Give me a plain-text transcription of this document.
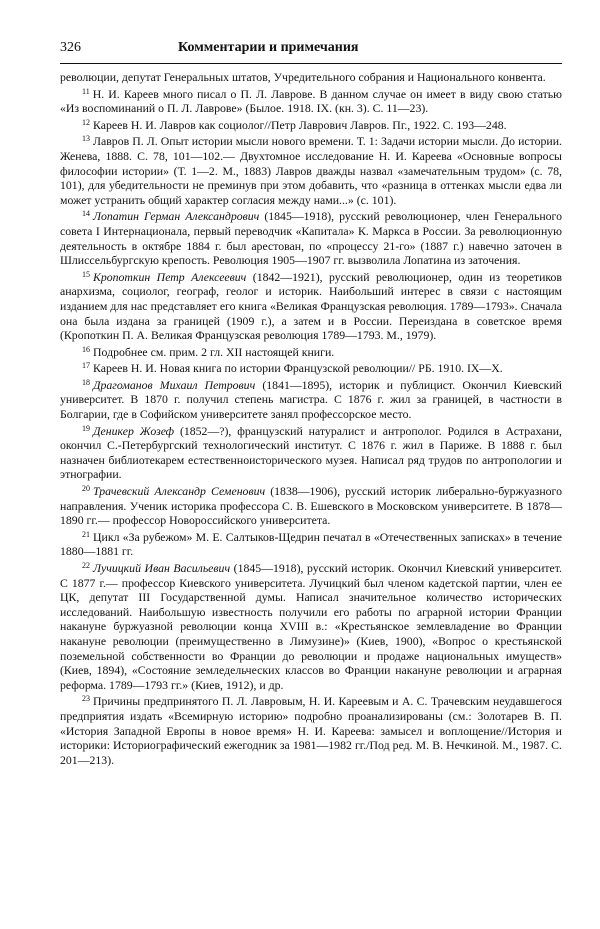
326	Комментарии и примечания

революции, депутат Генеральных штатов, Учредительного собрания и Национального конвента.

$^{11}$ Н. И. Кареев много писал о П. Л. Лаврове. В данном случае он имеет в виду свою статью «Из воспоминаний о П. Л. Лаврове» (Былое. 1918. IX. (кн. 3). С. 11—23).

$^{12}$ Кареев Н. И. Лавров как социолог//Петр Лаврович Лавров. Пг., 1922. С. 193—248.

$^{13}$ Лавров П. Л. Опыт истории мысли нового времени. Т. 1: Задачи истории мысли. До истории. Женева, 1888. С. 78, 101—102.— Двухтомное исследование Н. И. Кареева «Основные вопросы философии истории» (Т. 1—2. М., 1883) Лавров дважды назвал «замечательным трудом» (с. 78, 101), для убедительности не преминув при этом добавить, что «разница в оттенках мысли едва ли может устранить общий характер согласия между нами...» (с. 101).

$^{14}$ Лопатин Герман Александрович (1845—1918), русский революционер, член Генерального совета I Интернационала, первый переводчик «Капитала» К. Маркса в России. За революционную деятельность в октябре 1884 г. был арестован, по «процессу 21-го» (1887 г.) навечно заточен в Шлиссельбургскую крепость. Революция 1905—1907 гг. вызволила Лопатина из заточения.

$^{15}$ Кропоткин Петр Алексеевич (1842—1921), русский революционер, один из теоретиков анархизма, социолог, географ, геолог и историк. Наибольший интерес в связи с настоящим изданием для нас представляет его книга «Великая Французская революция. 1789—1793». Сначала она была издана за границей (1909 г.), а затем и в России. Переиздана в советское время (Кропоткин П. А. Великая Французская революция 1789—1793. М., 1979).

$^{16}$ Подробнее см. прим. 2 гл. XII настоящей книги.

$^{17}$ Кареев Н. И. Новая книга по истории Французской революции// РБ. 1910. IX—X.

$^{18}$ Драгоманов Михаил Петрович (1841—1895), историк и публицист. Окончил Киевский университет. В 1870 г. получил степень магистра. С 1876 г. жил за границей, в частности в Болгарии, где в Софийском университете занял профессорское место.

$^{19}$ Деникер Жозеф (1852—?), французский натуралист и антрополог. Родился в Астрахани, окончил С.-Петербургский технологический институт. С 1876 г. жил в Париже. В 1888 г. был назначен библиотекарем естественноисторического музея. Написал ряд трудов по антропологии и этнографии.

$^{20}$ Трачевский Александр Семенович (1838—1906), русский историк либерально-буржуазного направления. Ученик историка профессора С. В. Ешевского в Московском университете. В 1878—1890 гг.— профессор Новороссийского университета.

$^{21}$ Цикл «За рубежом» М. Е. Салтыков-Щедрин печатал в «Отечественных записках» в течение 1880—1881 гг.

$^{22}$ Лучицкий Иван Васильевич (1845—1918), русский историк. Окончил Киевский университет. С 1877 г.— профессор Киевского университета. Лучицкий был членом кадетской партии, член ее ЦК, депутат III Государственной думы. Написал значительное количество исторических исследований. Наибольшую известность получили его работы по аграрной истории Франции накануне буржуазной революции конца XVIII в.: «Крестьянское землевладение во Франции накануне революции (преимущественно в Лимузине)» (Киев, 1900), «Вопрос о крестьянской поземельной собственности во Франции до революции и продаже национальных имуществ» (Киев, 1894), «Состояние земледельческих классов во Франции накануне революции и аграрная реформа. 1789—1793 гг.» (Киев, 1912), и др.

$^{23}$ Причины предпринятого П. Л. Лавровым, Н. И. Кареевым и А. С. Трачевским неудавшегося предприятия издать «Всемирную историю» подробно проанализированы (см.: Золотарев В. П. «История Западной Европы в новое время» Н. И. Кареева: замысел и воплощение//История и историки: Историографический ежегодник за 1981—1982 гг./Под ред. М. В. Нечкиной. М., 1987. С. 201—213).
